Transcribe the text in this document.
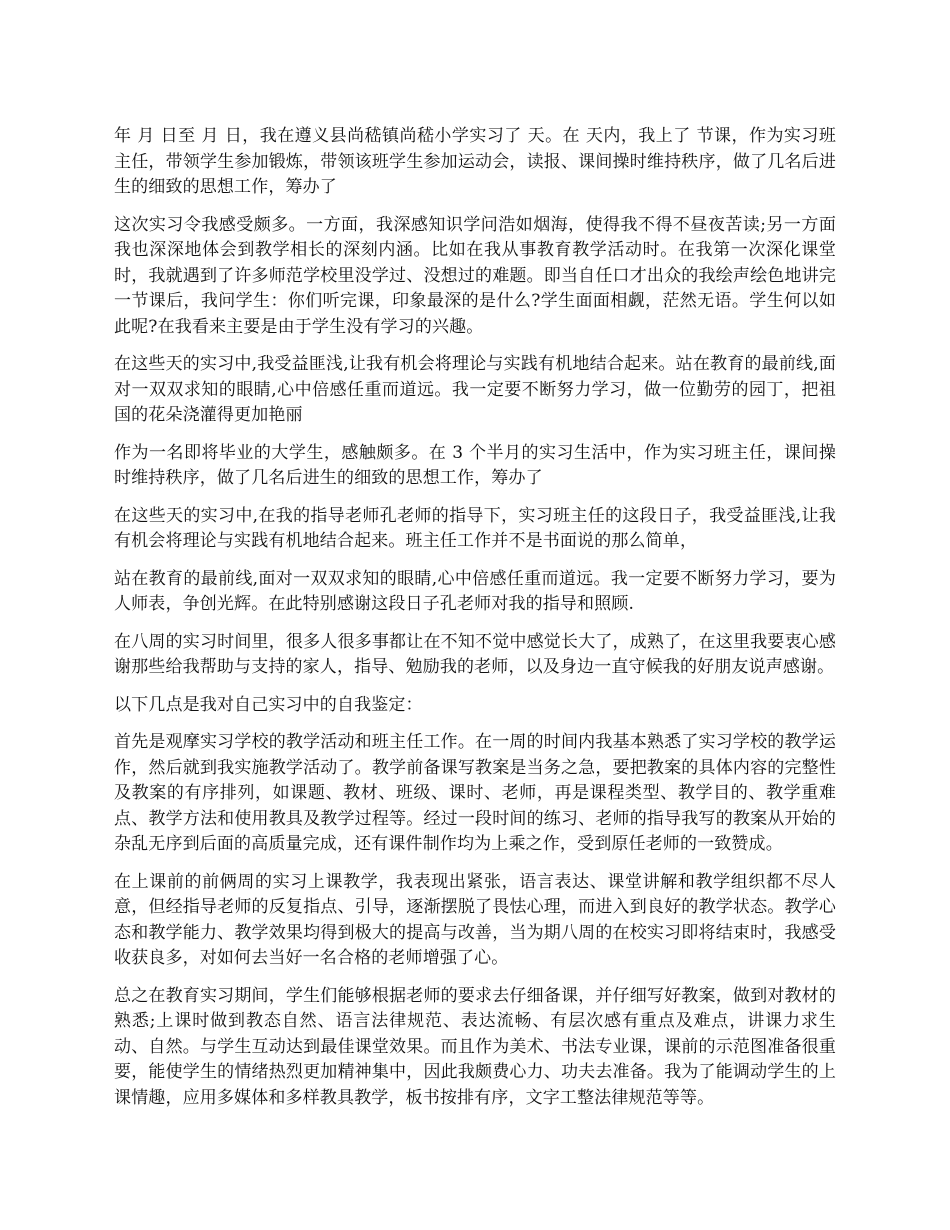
年 月 日至 月 日，我在遵义县尚嵇镇尚嵇小学实习了 天。在 天内，我上了 节课，作为实习班主任，带领学生参加锻炼，带领该班学生参加运动会，读报、课间操时维持秩序，做了几名后进生的细致的思想工作，筹办了

这次实习令我感受颇多。一方面，我深感知识学问浩如烟海，使得我不得不昼夜苦读;另一方面我也深深地体会到教学相长的深刻内涵。比如在我从事教育教学活动时。在我第一次深化课堂时，我就遇到了许多师范学校里没学过、没想过的难题。即当自任口才出众的我绘声绘色地讲完一节课后，我问学生：你们听完课，印象最深的是什么?学生面面相觑，茫然无语。学生何以如此呢?在我看来主要是由于学生没有学习的兴趣。

在这些天的实习中,我受益匪浅,让我有机会将理论与实践有机地结合起来。站在教育的最前线,面对一双双求知的眼睛,心中倍感任重而道远。我一定要不断努力学习，做一位勤劳的园丁，把祖国的花朵浇灌得更加艳丽

作为一名即将毕业的大学生，感触颇多。在 3 个半月的实习生活中，作为实习班主任，课间操时维持秩序，做了几名后进生的细致的思想工作，筹办了

在这些天的实习中,在我的指导老师孔老师的指导下，实习班主任的这段日子，我受益匪浅,让我有机会将理论与实践有机地结合起来。班主任工作并不是书面说的那么简单，

站在教育的最前线,面对一双双求知的眼睛,心中倍感任重而道远。我一定要不断努力学习，要为人师表，争创光辉。在此特别感谢这段日子孔老师对我的指导和照顾.

在八周的实习时间里，很多人很多事都让在不知不觉中感觉长大了，成熟了，在这里我要衷心感谢那些给我帮助与支持的家人，指导、勉励我的老师，以及身边一直守候我的好朋友说声感谢。

以下几点是我对自己实习中的自我鉴定：

首先是观摩实习学校的教学活动和班主任工作。在一周的时间内我基本熟悉了实习学校的教学运作，然后就到我实施教学活动了。教学前备课写教案是当务之急，要把教案的具体内容的完整性及教案的有序排列，如课题、教材、班级、课时、老师，再是课程类型、教学目的、教学重难点、教学方法和使用教具及教学过程等。经过一段时间的练习、老师的指导我写的教案从开始的杂乱无序到后面的高质量完成，还有课件制作均为上乘之作，受到原任老师的一致赞成。

在上课前的前俩周的实习上课教学，我表现出紧张，语言表达、课堂讲解和教学组织都不尽人意，但经指导老师的反复指点、引导，逐渐摆脱了畏怯心理，而进入到良好的教学状态。教学心态和教学能力、教学效果均得到极大的提高与改善，当为期八周的在校实习即将结束时，我感受收获良多，对如何去当好一名合格的老师增强了心。

总之在教育实习期间，学生们能够根据老师的要求去仔细备课，并仔细写好教案，做到对教材的熟悉;上课时做到教态自然、语言法律规范、表达流畅、有层次感有重点及难点，讲课力求生动、自然。与学生互动达到最佳课堂效果。而且作为美术、书法专业课，课前的示范图准备很重要，能使学生的情绪热烈更加精神集中，因此我颇费心力、功夫去准备。我为了能调动学生的上课情趣，应用多媒体和多样教具教学，板书按排有序，文字工整法律规范等等。
